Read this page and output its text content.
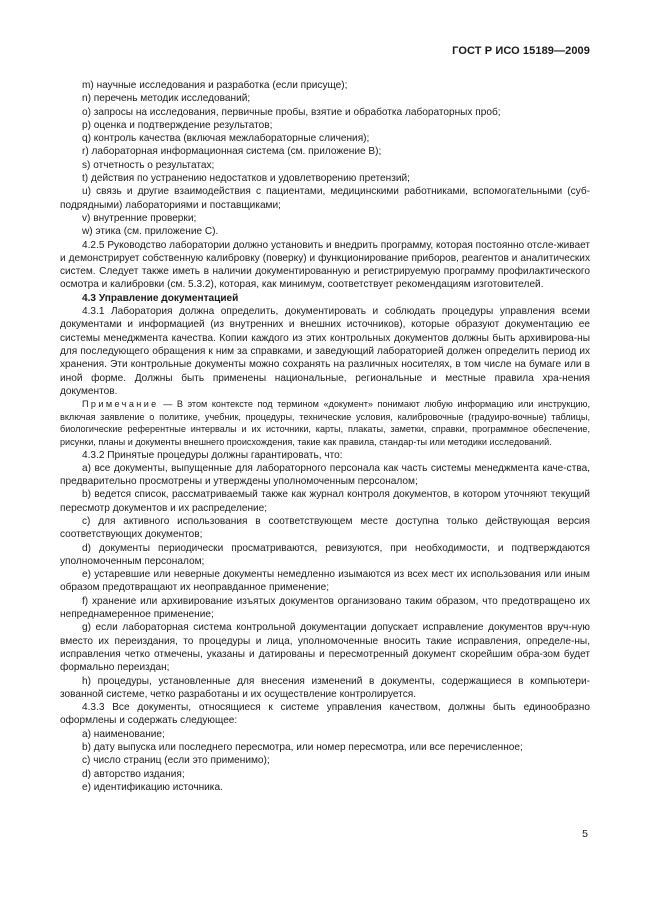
ГОСТ Р ИСО 15189—2009

m) научные исследования и разработка (если присуще);

n) перечень методик исследований;

o) запросы на исследования, первичные пробы, взятие и обработка лабораторных проб;

p) оценка и подтверждение результатов;

q) контроль качества (включая межлабораторные сличения);

r) лабораторная информационная система (см. приложение B);

s) отчетность о результатах;

t) действия по устранению недостатков и удовлетворению претензий;

u) связь и другие взаимодействия с пациентами, медицинскими работниками, вспомогательными (суб-подрядными) лабораториями и поставщиками;

v) внутренние проверки;

w) этика (см. приложение C).

4.2.5 Руководство лаборатории должно установить и внедрить программу, которая постоянно отсле-живает и демонстрирует собственную калибровку (поверку) и функционирование приборов, реагентов и аналитических систем. Следует также иметь в наличии документированную и регистрируемую программу профилактического осмотра и калибровки (см. 5.3.2), которая, как минимум, соответствует рекомендациям изготовителей.

4.3 Управление документацией

4.3.1 Лаборатория должна определить, документировать и соблюдать процедуры управления всеми документами и информацией (из внутренних и внешних источников), которые образуют документацию ее системы менеджмента качества. Копии каждого из этих контрольных документов должны быть архивирова-ны для последующего обращения к ним за справками, и заведующий лабораторией должен определить период их хранения. Эти контрольные документы можно сохранять на различных носителях, в том числе на бумаге или в иной форме. Должны быть применены национальные, региональные и местные правила хра-нения документов.

Примечание — В этом контексте под термином «документ» понимают любую информацию или инструкцию, включая заявление о политике, учебник, процедуры, технические условия, калибровочные (градуиро-вочные) таблицы, биологические референтные интервалы и их источники, карты, плакаты, заметки, справки, программное обеспечение, рисунки, планы и документы внешнего происхождения, такие как правила, стандар-ты или методики исследований.

4.3.2 Принятые процедуры должны гарантировать, что:

a) все документы, выпущенные для лабораторного персонала как часть системы менеджмента каче-ства, предварительно просмотрены и утверждены уполномоченным персоналом;

b) ведется список, рассматриваемый также как журнал контроля документов, в котором уточняют текущий пересмотр документов и их распределение;

c) для активного использования в соответствующем месте доступна только действующая версия соответствующих документов;

d) документы периодически просматриваются, ревизуются, при необходимости, и подтверждаются уполномоченным персоналом;

e) устаревшие или неверные документы немедленно изымаются из всех мест их использования или иным образом предотвращают их неоправданное применение;

f) хранение или архивирование изъятых документов организовано таким образом, что предотвращено их непреднамеренное применение;

g) если лабораторная система контрольной документации допускает исправление документов вруч-ную вместо их переиздания, то процедуры и лица, уполномоченные вносить такие исправления, определе-ны, исправления четко отмечены, указаны и датированы и пересмотренный документ скорейшим обра-зом будет формально переиздан;

h) процедуры, установленные для внесения изменений в документы, содержащиеся в компьютери-зованной системе, четко разработаны и их осуществление контролируется.

4.3.3 Все документы, относящиеся к системе управления качеством, должны быть единообразно оформлены и содержать следующее:

a) наименование;

b) дату выпуска или последнего пересмотра, или номер пересмотра, или все перечисленное;

c) число страниц (если это применимо);

d) авторство издания;

e) идентификацию источника.

5
